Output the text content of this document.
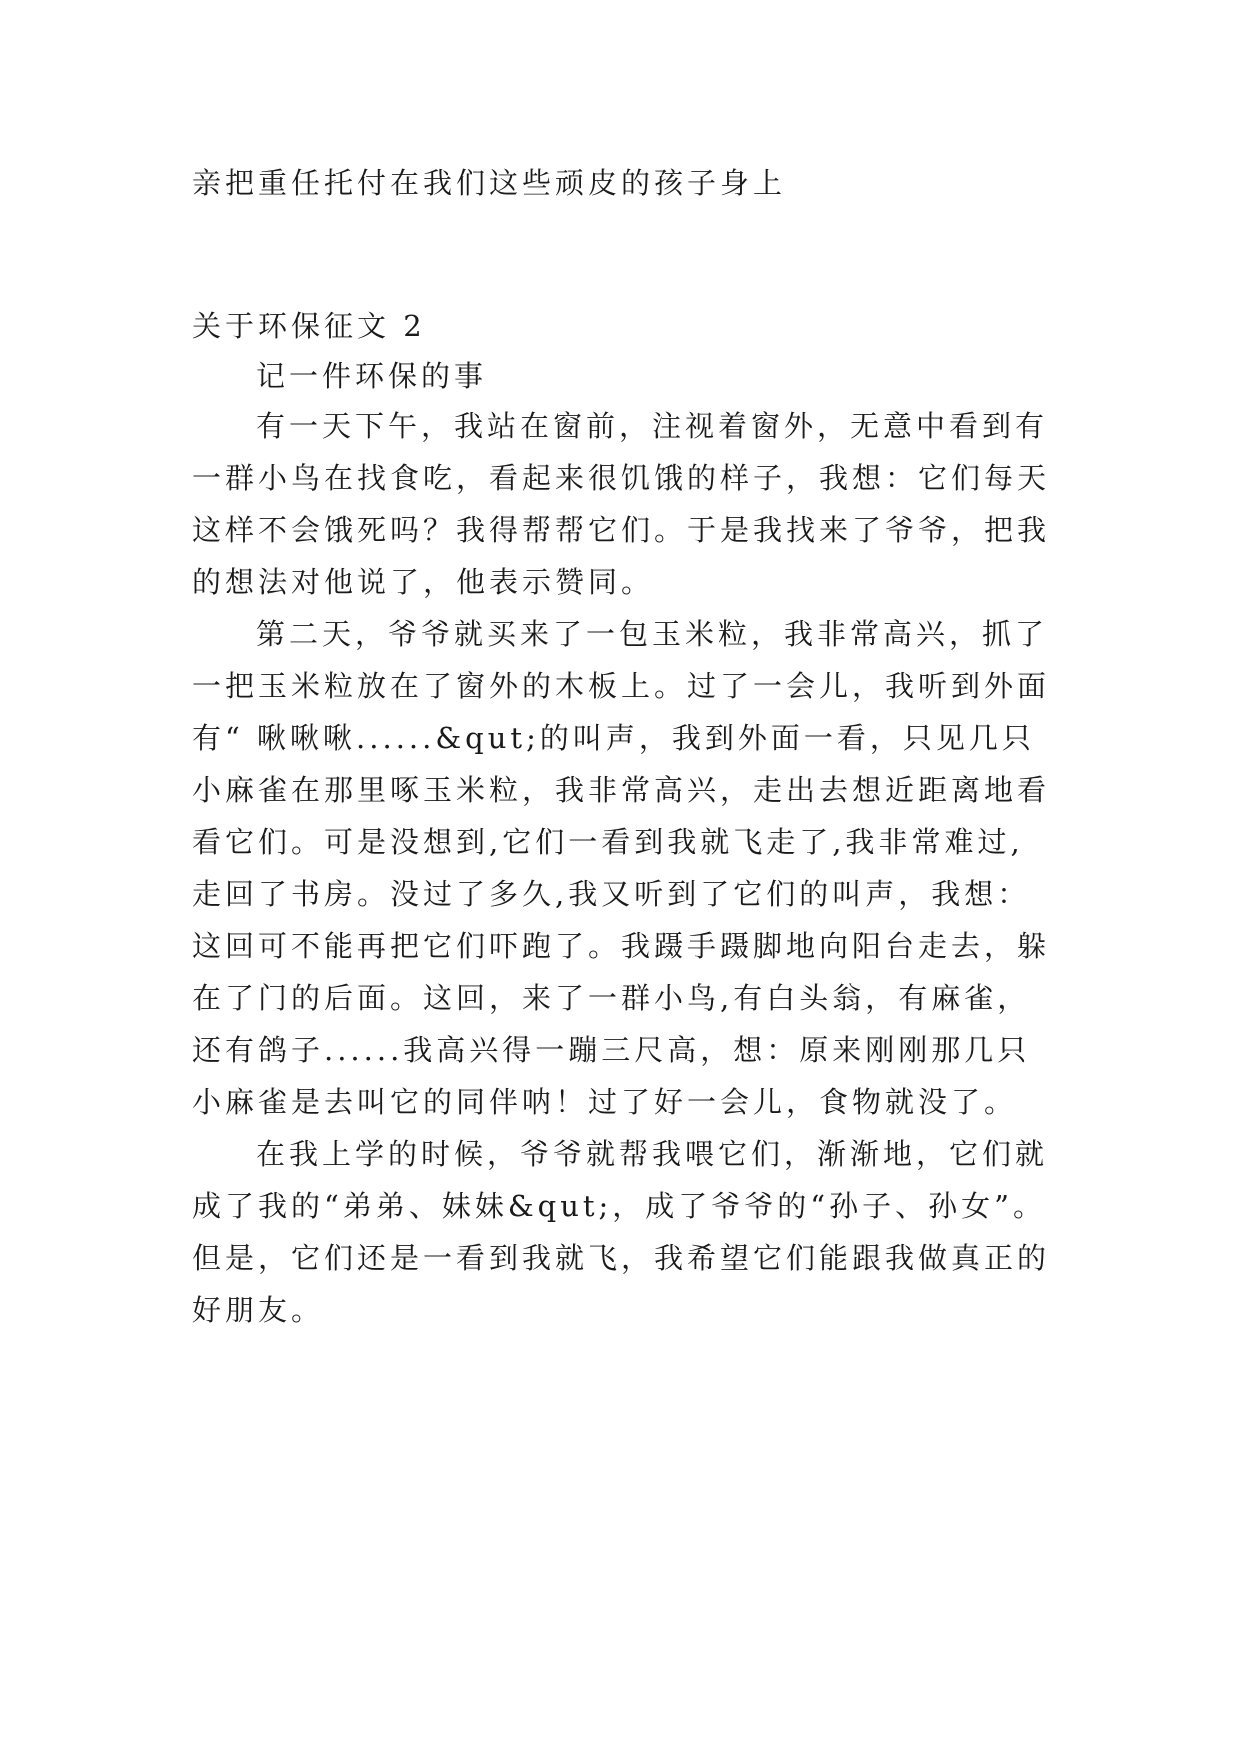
亲把重任托付在我们这些顽皮的孩子身上
关于环保征文 2
记一件环保的事
有一天下午，我站在窗前，注视着窗外，无意中看到有
一群小鸟在找食吃，看起来很饥饿的样子，我想：它们每天
这样不会饿死吗？我得帮帮它们。于是我找来了爷爷，把我
的想法对他说了，他表示赞同。
第二天，爷爷就买来了一包玉米粒，我非常高兴，抓了
一把玉米粒放在了窗外的木板上。过了一会儿，我听到外面
有“ 啾啾啾......&qut;的叫声，我到外面一看，只见几只
小麻雀在那里啄玉米粒，我非常高兴，走出去想近距离地看
看它们。可是没想到,它们一看到我就飞走了,我非常难过,
走回了书房。没过了多久,我又听到了它们的叫声，我想：
这回可不能再把它们吓跑了。我蹑手蹑脚地向阳台走去，躲
在了门的后面。这回，来了一群小鸟,有白头翁，有麻雀，
还有鸽子......我高兴得一蹦三尺高，想：原来刚刚那几只
小麻雀是去叫它的同伴呐！过了好一会儿，食物就没了。
在我上学的时候，爷爷就帮我喂它们，渐渐地，它们就
成了我的“弟弟、妹妹&qut;，成了爷爷的“孙子、孙女”。
但是，它们还是一看到我就飞，我希望它们能跟我做真正的
好朋友。
